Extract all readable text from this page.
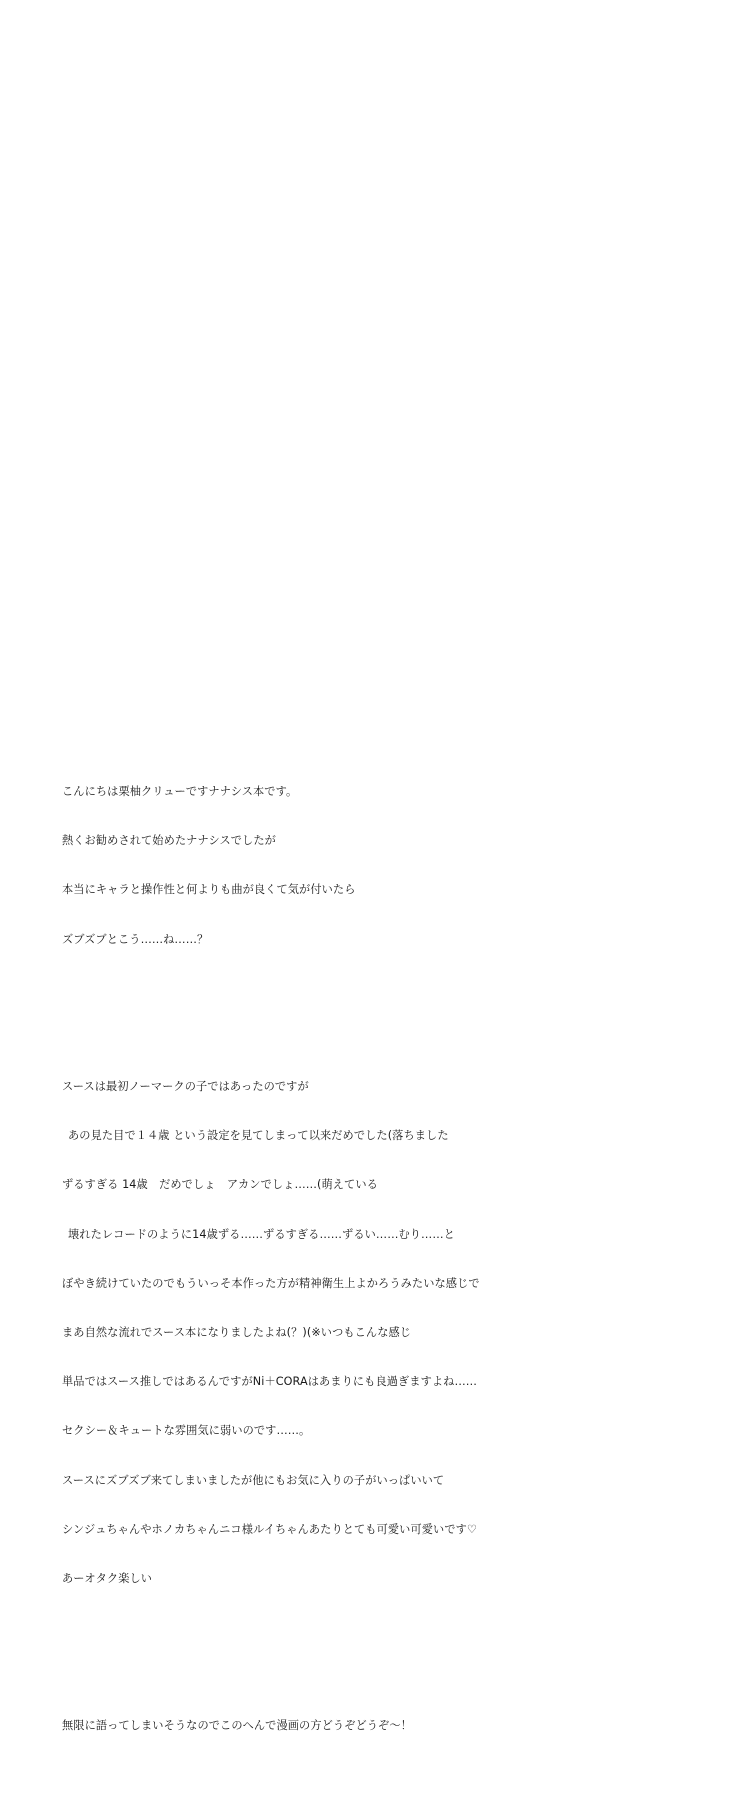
こんにちは栗柚クリューですナナシス本です。

熱くお勧めされて始めたナナシスでしたが

本当にキャラと操作性と何よりも曲が良くて気が付いたら

ズブズブとこう……ね……？

スースは最初ノーマークの子ではあったのですが

あの見た目で１４歳 という設定を見てしまって以来だめでした(落ちました

ずるすぎる 14歳　だめでしょ　アカンでしょ……(萌えている

壊れたレコードのように14歳ずる……ずるすぎる……ずるい……むり……と

ぼやき続けていたのでもういっそ本作った方が精神衛生上よかろうみたいな感じで

まあ自然な流れでスース本になりましたよね(？)(※いつもこんな感じ

単品ではスース推しではあるんですがNi＋CORAはあまりにも良過ぎますよね……

セクシー＆キュートな雰囲気に弱いのです……。

スースにズブズブ来てしまいましたが他にもお気に入りの子がいっぱいいて

シンジュちゃんやホノカちゃんニコ様ルイちゃんあたりとても可愛い可愛いです♡

あーオタク楽しい

無限に語ってしまいそうなのでこのへんで漫画の方どうぞどうぞ〜！
